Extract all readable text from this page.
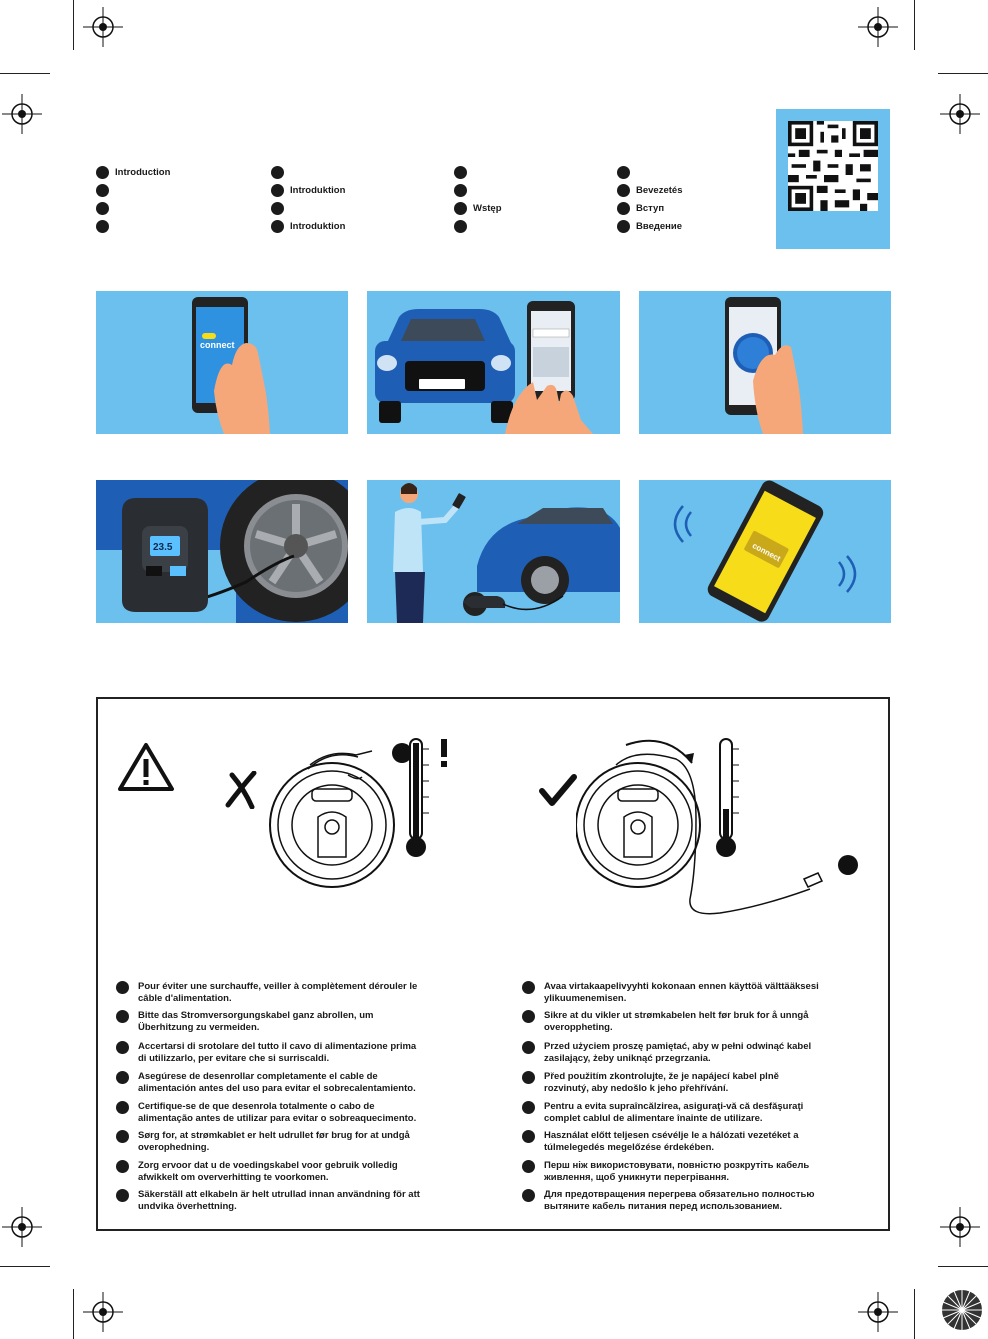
Introduction
Introduktion
Introduktion
Wstęp
Bevezetés
Вступ
Введение
connect
23.5	connect
Pour éviter une surchauffe, veiller à complètement dérouler le câble d'alimentation.
Bitte das Stromversorgungskabel ganz abrollen, um Überhitzung zu vermeiden.
Accertarsi di srotolare del tutto il cavo di alimentazione prima di utilizzarlo, per evitare che si surriscaldi.
Asegúrese de desenrollar completamente el cable de alimentación antes del uso para evitar el sobrecalentamiento.
Certifique-se de que desenrola totalmente o cabo de alimentação antes de utilizar para evitar o sobreaquecimento.
Sørg for, at strømkablet er helt udrullet før brug for at undgå overophedning.
Zorg ervoor dat u de voedingskabel voor gebruik volledig afwikkelt om oververhitting te voorkomen.
Säkerställ att elkabeln är helt utrullad innan användning för att undvika överhettning.
Avaa virtakaapelivyyhti kokonaan ennen käyttöä välttääksesi ylikuumenemisen.
Sikre at du vikler ut strømkabelen helt før bruk for å unngå overoppheting.
Przed użyciem proszę pamiętać, aby w pełni odwinąć kabel zasilający, żeby uniknąć przegrzania.
Před použitím zkontrolujte, že je napájecí kabel plně rozvinutý, aby nedošlo k jeho přehřívání.
Pentru a evita supraîncălzirea, asiguraţi-vă că desfăşuraţi complet cablul de alimentare înainte de utilizare.
Használat előtt teljesen csévélje le a hálózati vezetéket a túlmelegedés megelőzése érdekében.
Перш ніж використовувати, повністю розкрутіть кабель живлення, щоб уникнути перегрівання.
Для предотвращения перегрева обязательно полностью вытяните кабель питания перед использованием.
